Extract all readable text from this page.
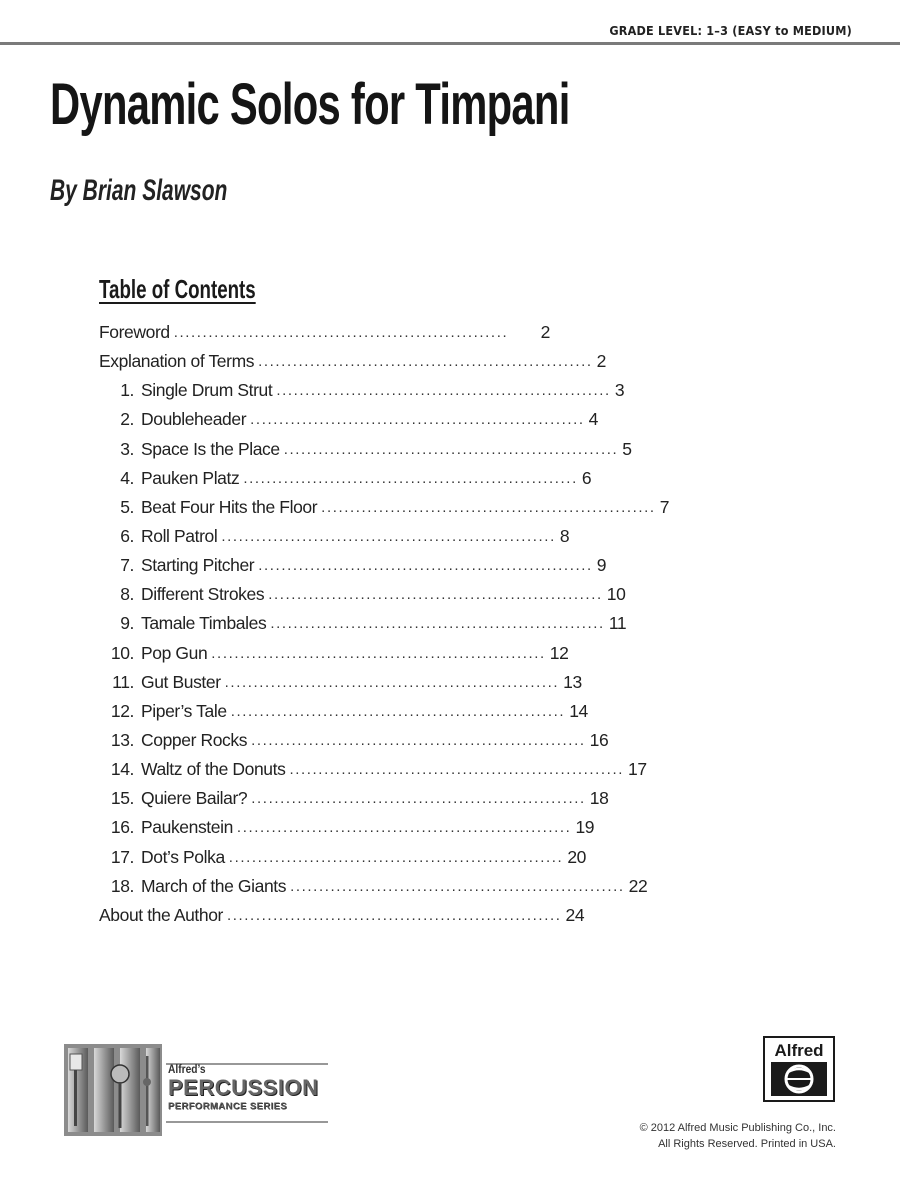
GRADE LEVEL: 1–3 (EASY to MEDIUM)
Dynamic Solos for Timpani
By Brian Slawson
Table of Contents
Foreword ..........................................................	2
Explanation of Terms .......................................................... 2
1. Single Drum Strut .......................................................... 3
2. Doubleheader .......................................................... 4
3. Space Is the Place .......................................................... 5
4. Pauken Platz .......................................................... 6
5. Beat Four Hits the Floor .......................................................... 7
6. Roll Patrol .......................................................... 8
7. Starting Pitcher .......................................................... 9
8. Different Strokes .......................................................... 10
9. Tamale Timbales .......................................................... 11
10. Pop Gun .......................................................... 12
11. Gut Buster .......................................................... 13
12. Piper’s Tale .......................................................... 14
13. Copper Rocks .......................................................... 16
14. Waltz of the Donuts .......................................................... 17
15. Quiere Bailar? .......................................................... 18
16. Paukenstein .......................................................... 19
17. Dot’s Polka .......................................................... 20
18. March of the Giants .......................................................... 22
About the Author .......................................................... 24
Alfred’s
PERCUSSION
PERFORMANCE SERIES
Alfred
© 2012 Alfred Music Publishing Co., Inc.
All Rights Reserved. Printed in USA.
